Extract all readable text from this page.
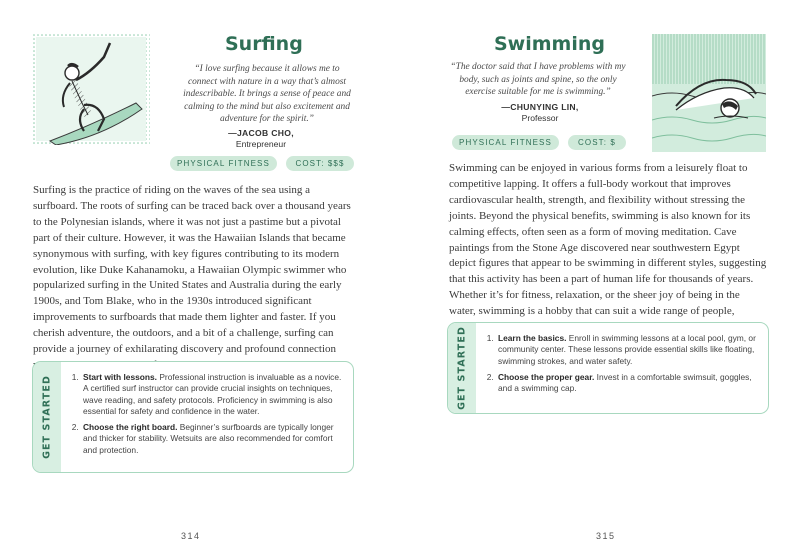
Surfing

“I love surfing because it allows me to connect with nature in a way that’s almost indescribable. It brings a sense of peace and calming to the mind but also excitement and adventure for the spirit.”

—JACOB CHO,
Entrepreneur
PHYSICAL FITNESS	COST: $$$

Surfing is the practice of riding on the waves of the sea using a surfboard. The roots of surfing can be traced back over a thousand years to the Polynesian islands, where it was not just a pastime but a pivotal part of their culture. However, it was the Hawaiian Islands that became synonymous with surfing, with key figures contributing to its modern evolution, like Duke Kahanamoku, a Hawaiian Olympic swimmer who popularized surfing in the United States and Australia during the early 1900s, and Tom Blake, who in the 1930s introduced significant improvements to surfboards that made them lighter and faster. If you cherish adventure, the outdoors, and a bit of a challenge, surfing can provide a journey of exhilarating discovery and profound connection

GET STARTED	1. Start with lessons. Professional instruction is invaluable as a novice. A certified surf instructor can provide crucial insights on techniques, wave reading, and safety protocols. Proficiency in swimming is also essential for safety and confidence in the water.
2. Choose the right board. Beginner’s surfboards are typically longer and thicker for stability. Wetsuits are also recommended for comfort and protection.
314
Swimming

“The doctor said that I have problems with my body, such as joints and spine, so the only exercise suitable for me is swimming.”

—CHUNYING LIN,
Professor
PHYSICAL FITNESS	COST: $

Swimming can be enjoyed in various forms from a leisurely float to competitive lapping. It offers a full-body workout that improves cardiovascular health, strength, and flexibility without stressing the joints. Beyond the physical benefits, swimming is also known for its calming effects, often seen as a form of moving meditation. Cave paintings from the Stone Age discovered near southwestern Egypt depict figures that appear to be swimming in different styles, suggesting that this activity has been a part of human life for thousands of years. Whether it’s for fitness, relaxation, or the sheer joy of being in the water, swimming is a hobby that can suit a wide range of people,

GET STARTED	1. Learn the basics. Enroll in swimming lessons at a local pool, gym, or community center. These lessons provide essential skills like floating, swimming strokes, and water safety.
2. Choose the proper gear. Invest in a comfortable swimsuit, goggles, and a swimming cap.
315
